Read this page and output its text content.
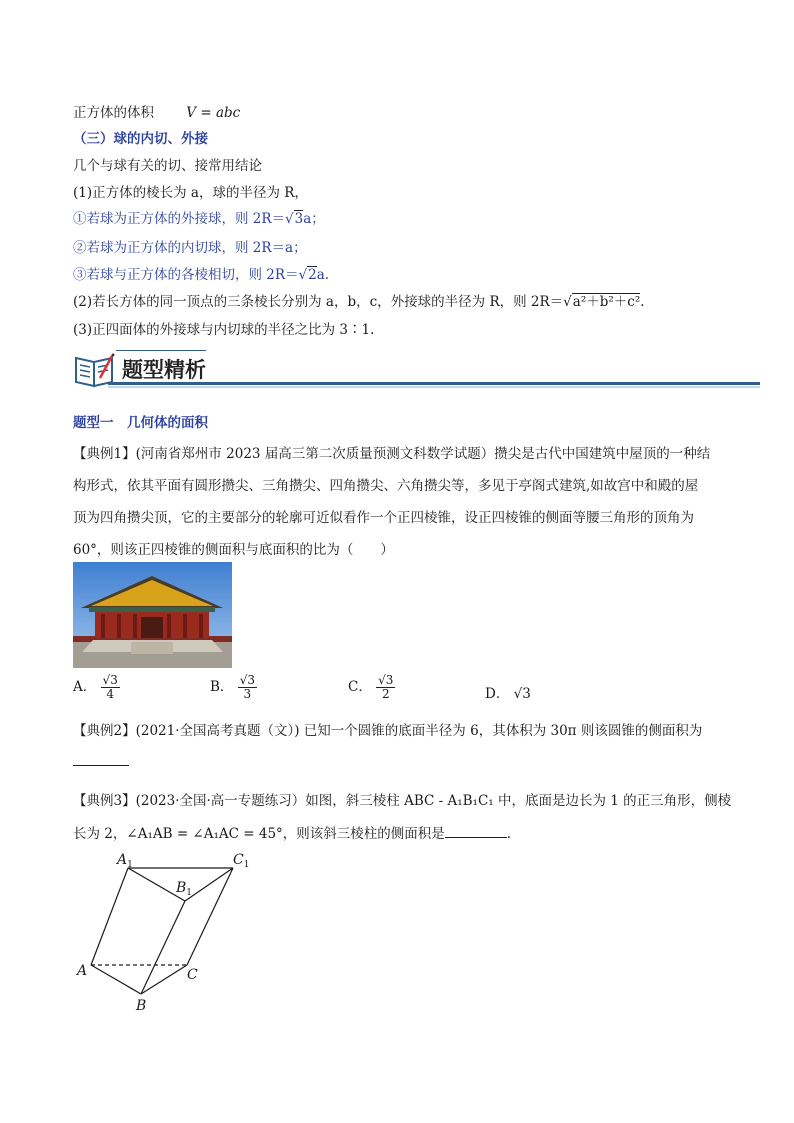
正方体的体积 V = abc
（三）球的内切、外接
几个与球有关的切、接常用结论
(1)正方体的棱长为 a，球的半径为 R，
①若球为正方体的外接球，则 2R＝√3a；
②若球为正方体的内切球，则 2R＝a；
③若球与正方体的各棱相切，则 2R＝√2a.
(2)若长方体的同一顶点的三条棱长分别为 a，b，c，外接球的半径为 R，则 2R＝√a²＋b²＋c².
(3)正四面体的外接球与内切球的半径之比为 3∶1.
题型精析
题型一　几何体的面积
【典例1】(河南省郑州市 2023 届高三第二次质量预测文科数学试题）攒尖是古代中国建筑中屋顶的一种结
构形式，依其平面有圆形攒尖、三角攒尖、四角攒尖、六角攒尖等，多见于亭阁式建筑,如故宫中和殿的屋
顶为四角攒尖顶，它的主要部分的轮廓可近似看作一个正四棱锥，设正四棱锥的侧面等腰三角形的顶角为
60°，则该正四棱锥的侧面积与底面积的比为（　　）
A． $\frac{√3}{4}$	B． $\frac{√3}{3}$	C． $\frac{√3}{2}$	D． √3
【典例2】(2021·全国高考真题（文）) 已知一个圆锥的底面半径为 6，其体积为 30π 则该圆锥的侧面积为
【典例3】(2023·全国·高一专题练习）如图，斜三棱柱 ABC - A₁B₁C₁ 中，底面是边长为 1 的正三角形，侧棱
长为 2，∠A₁AB = ∠A₁AC = 45°，则该斜三棱柱的侧面积是	．
$A_1$
$B_1$
$C_1$
A
B
C
